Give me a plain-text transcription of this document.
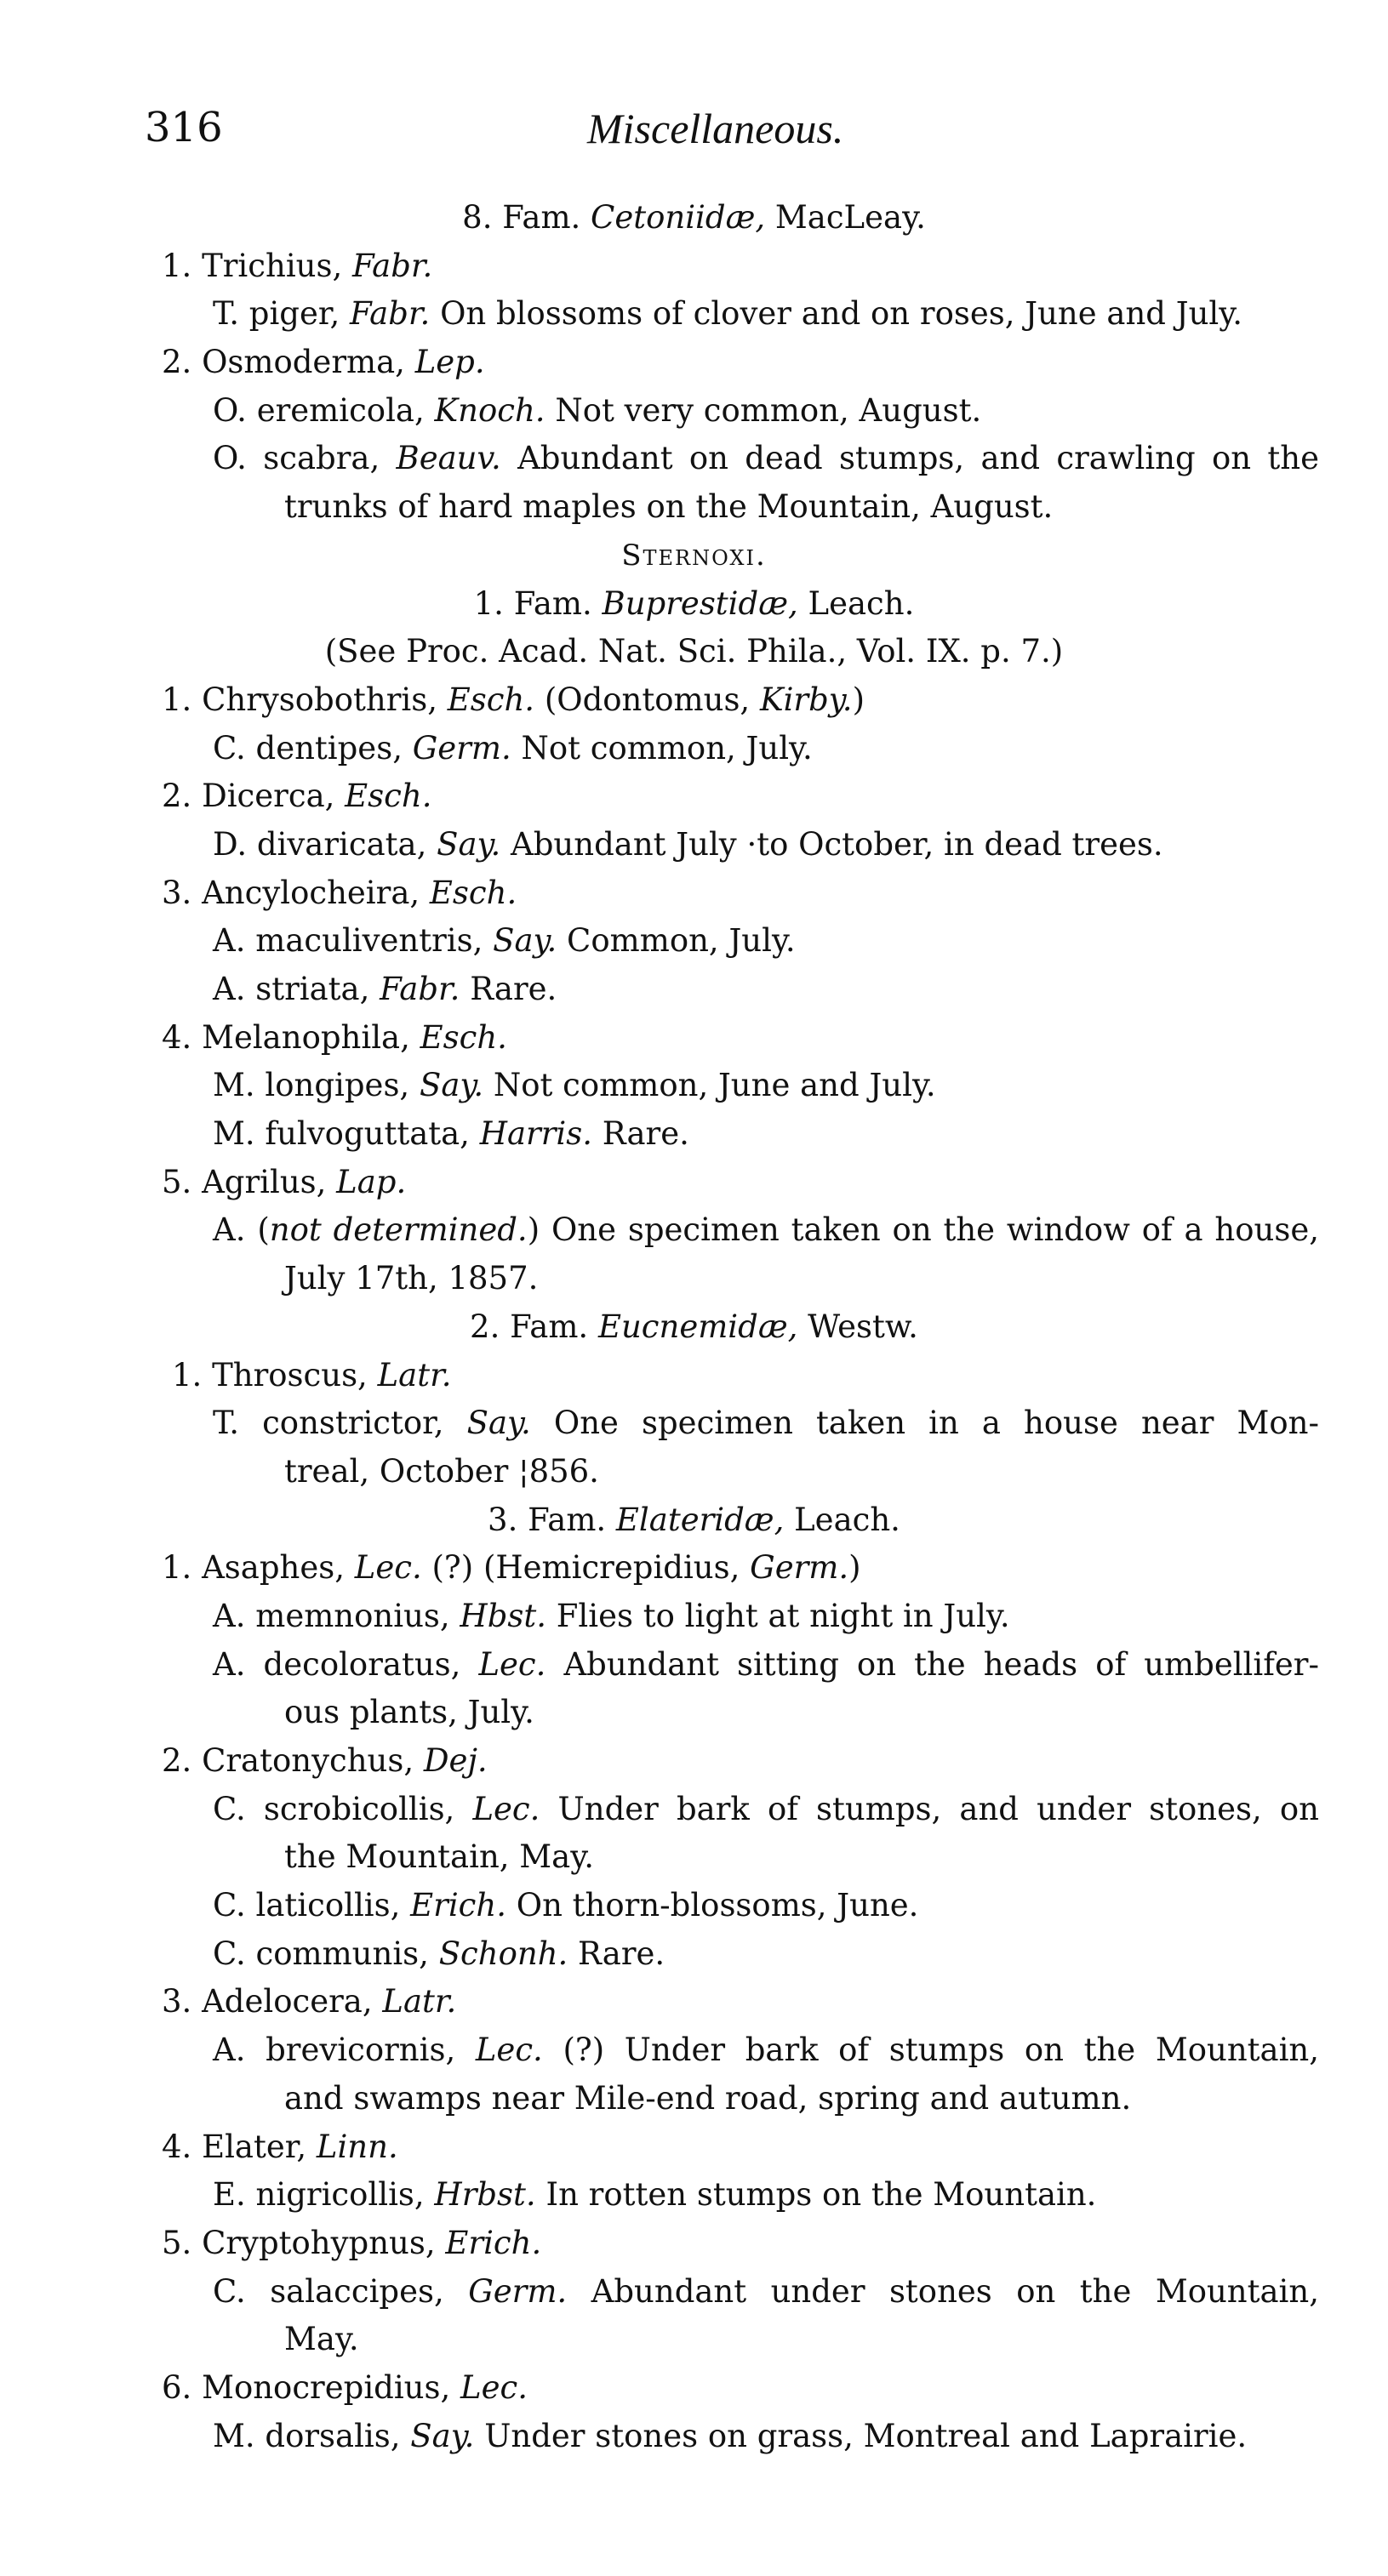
316	Miscellaneous.
8. Fam. Cetoniidæ, MacLeay.
1. Trichius, Fabr.
T. piger, Fabr. On blossoms of clover and on roses, June and July.
2. Osmoderma, Lep.
O. eremicola, Knoch. Not very common, August.
O. scabra, Beauv. Abundant on dead stumps, and crawling on the
trunks of hard maples on the Mountain, August.
Sternoxi.
1. Fam. Buprestidæ, Leach.
(See Proc. Acad. Nat. Sci. Phila., Vol. IX. p. 7.)
1. Chrysobothris, Esch. (Odontomus, Kirby.)
C. dentipes, Germ. Not common, July.
2. Dicerca, Esch.
D. divaricata, Say. Abundant July ·to October, in dead trees.
3. Ancylocheira, Esch.
A. maculiventris, Say. Common, July.
A. striata, Fabr. Rare.
4. Melanophila, Esch.
M. longipes, Say. Not common, June and July.
M. fulvoguttata, Harris. Rare.
5. Agrilus, Lap.
A. (not determined.) One specimen taken on the window of a house,
July 17th, 1857.
2. Fam. Eucnemidæ, Westw.
1. Throscus, Latr.
T. constrictor, Say. One specimen taken in a house near Mon-
treal, October ¦856.
3. Fam. Elateridæ, Leach.
1. Asaphes, Lec. (?) (Hemicrepidius, Germ.)
A. memnonius, Hbst. Flies to light at night in July.
A. decoloratus, Lec. Abundant sitting on the heads of umbellifer-
ous plants, July.
2. Cratonychus, Dej.
C. scrobicollis, Lec. Under bark of stumps, and under stones, on
the Mountain, May.
C. laticollis, Erich. On thorn-blossoms, June.
C. communis, Schonh. Rare.
3. Adelocera, Latr.
A. brevicornis, Lec. (?) Under bark of stumps on the Mountain,
and swamps near Mile-end road, spring and autumn.
4. Elater, Linn.
E. nigricollis, Hrbst. In rotten stumps on the Mountain.
5. Cryptohypnus, Erich.
C. salaccipes, Germ. Abundant under stones on the Mountain,
May.
6. Monocrepidius, Lec.
M. dorsalis, Say. Under stones on grass, Montreal and Laprairie.
